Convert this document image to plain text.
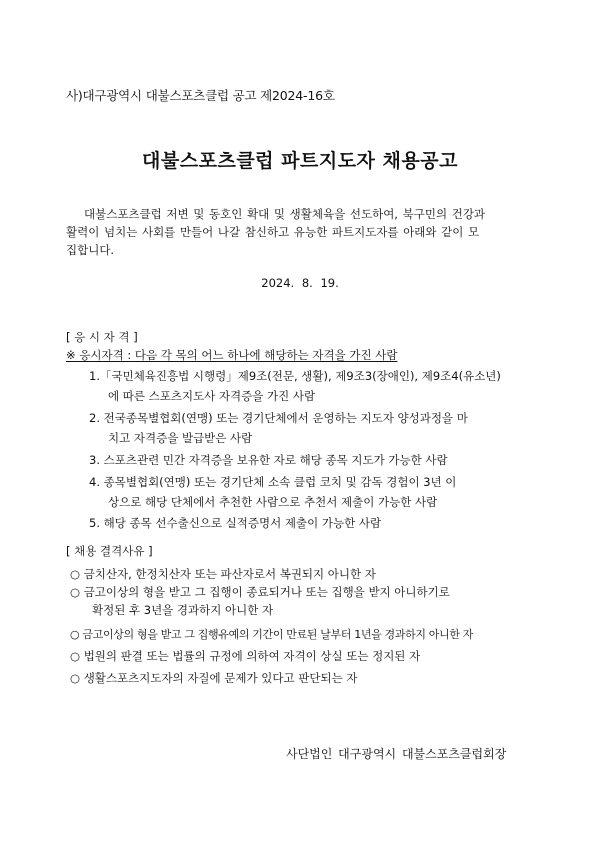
사)대구광역시 대불스포츠클럽 공고 제2024-16호
대불스포츠클럽 파트지도자 채용공고
대불스포츠클럽 저변 및 동호인 확대 및 생활체육을 선도하여, 북구민의 건강과
활력이 넘치는 사회를 만들어 나갈 참신하고 유능한 파트지도자를 아래와 같이 모
집합니다.
2024. 8. 19.
[ 응 시 자 격 ]
※ 응시자격 : 다음 각 목의 어느 하나에 해당하는 자격을 가진 사람
1.「국민체육진흥법 시행령」제9조(전문, 생활), 제9조3(장애인), 제9조4(유소년)
에 따른 스포츠지도사 자격증을 가진 사람
2. 전국종목별협회(연맹) 또는 경기단체에서 운영하는 지도자 양성과정을 마
치고 자격증을 발급받은 사람
3. 스포츠관련 민간 자격증을 보유한 자로 해당 종목 지도가 가능한 사람
4. 종목별협회(연맹) 또는 경기단체 소속 클럽 코치 및 감독 경험이 3년 이
상으로 해당 단체에서 추천한 사람으로 추천서 제출이 가능한 사람
5. 해당 종목 선수출신으로 실적증명서 제출이 가능한 사람
[ 채용 결격사유 ]
○ 금치산자, 한정치산자 또는 파산자로서 복권되지 아니한 자
○ 금고이상의 형을 받고 그 집행이 종료되거나 또는 집행을 받지 아니하기로
확정된 후 3년을 경과하지 아니한 자
○ 금고이상의 형을 받고 그 집행유예의 기간이 만료된 날부터 1년을 경과하지 아니한 자
○ 법원의 판결 또는 법률의 규정에 의하여 자격이 상실 또는 정지된 자
○ 생활스포츠지도자의 자질에 문제가 있다고 판단되는 자
사단법인 대구광역시 대불스포츠클럽회장
